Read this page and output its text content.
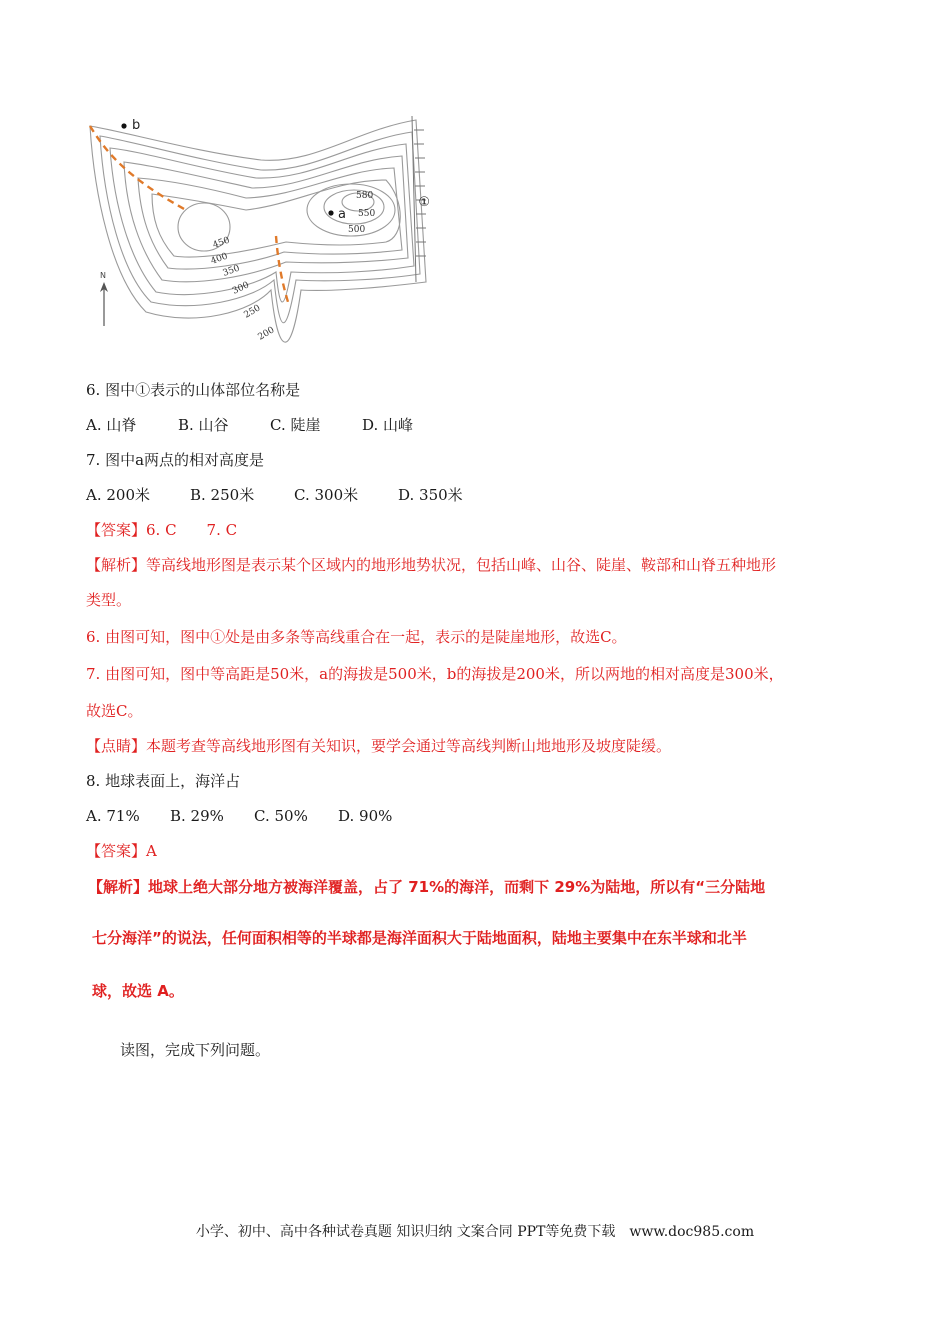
b
a
580
550
500
450
400
350
300
250
200
①
N
6. 图中①表示的山体部位名称是
A. 山脊	B. 山谷	C. 陡崖	D. 山峰
7. 图中a两点的相对高度是
A. 200米	B. 250米	C. 300米	D. 350米
【答案】6. C　　7. C
【解析】等高线地形图是表示某个区域内的地形地势状况，包括山峰、山谷、陡崖、鞍部和山脊五种地形
类型。
6. 由图可知，图中①处是由多条等高线重合在一起，表示的是陡崖地形，故选C。
7. 由图可知，图中等高距是50米，a的海拔是500米，b的海拔是200米，所以两地的相对高度是300米，
故选C。
【点睛】本题考查等高线地形图有关知识，要学会通过等高线判断山地地形及坡度陡缓。
8. 地球表面上，海洋占
A. 71% B. 29% C. 50% D. 90%
【答案】A
【解析】地球上绝大部分地方被海洋覆盖，占了 71%的海洋，而剩下 29%为陆地，所以有“三分陆地
七分海洋”的说法，任何面积相等的半球都是海洋面积大于陆地面积，陆地主要集中在东半球和北半
球，故选 A。
读图，完成下列问题。
小学、初中、高中各种试卷真题 知识归纳 文案合同 PPT等免费下载　www.doc985.com
